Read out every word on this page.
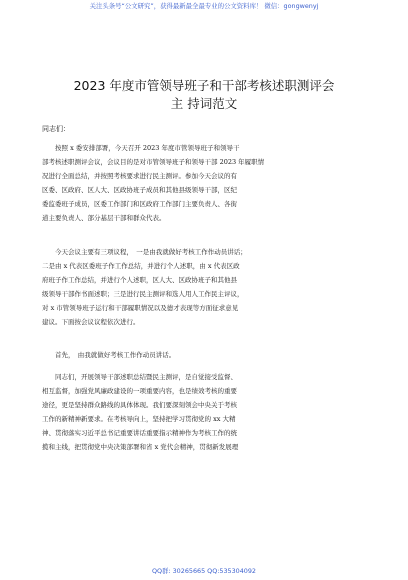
关注头条号“公文研究”，获得最新最全最专业的公文资料库！ 微信：gongwenyj
2023 年度市管领导班子和干部考核述职测评会
主 持词范文
同志们：
按照 x 委安排部署，今天召开 2023 年度市管领导班子和领导干
部考核述职测评会议，会议目的是对市管领导班子和领导干部 2023 年履职情
况进行全面总结，并按照考核要求进行民主测评。参加今天会议的有
区委、区政府、区人大、区政协班子成员和其他县级领导干部，区纪
委监委班子成员，区委工作部门和区政府工作部门主要负责人、各街
道主要负责人、部分基层干部和群众代表。
今天会议主要有三项议程，　一是由我就做好考核工作作动员讲话；
二是由 x 代表区委班子作工作总结，并进行个人述职，由 x 代表区政
府班子作工作总结，并进行个人述职，区人大、区政协班子和其他县
级领导干部作书面述职；三是进行民主测评和选人用人工作民主评议，
对 x 市管领导班子运行和干部履职情况以及德才表现等方面征求意见
建议。下面按会议议程依次进行。
首先，　由我就做好考核工作作动员讲话。
同志们，开展领导干部述职总结暨民主测评，是自觉接受监督、
相互监督，加强党风廉政建设的一项重要内容，也是绩效考核的重要
途径，更是坚持群众路线的具体体现。我们要深刻领会中央关于考核
工作的新精神新要求。在考核导向上，坚持把学习贯彻党的 xx 大精
神、贯彻落实习近平总书记重要讲话重要指示精神作为考核工作的统
揽和主线，把贯彻党中央决策部署和省 x 党代会精神，贯彻新发展理
QQ群: 30265665 QQ:535304092
